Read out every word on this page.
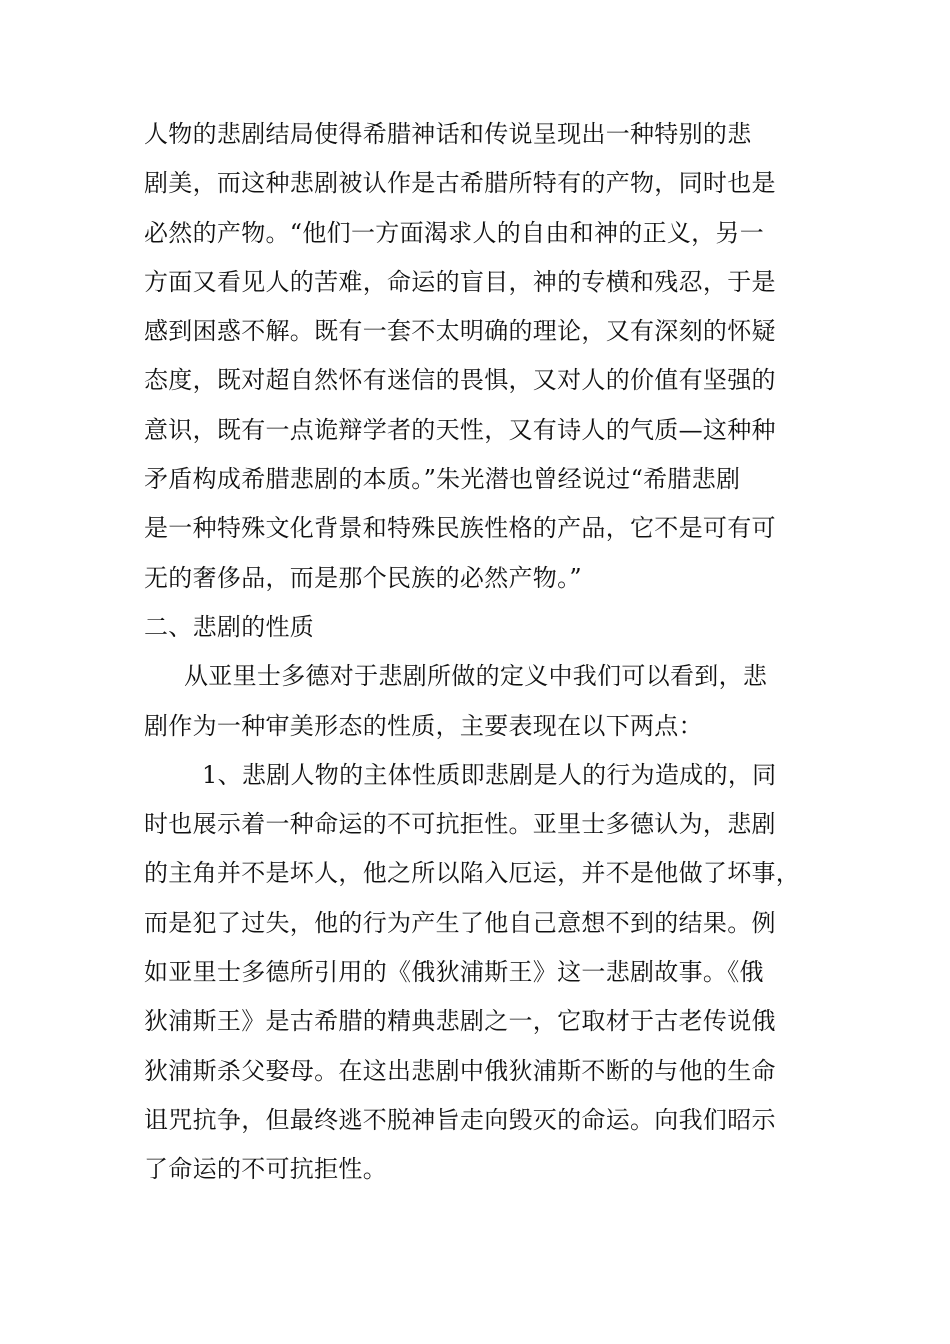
人物的悲剧结局使得希腊神话和传说呈现出一种特别的悲
剧美，而这种悲剧被认作是古希腊所特有的产物，同时也是
必然的产物。“他们一方面渴求人的自由和神的正义，另一
方面又看见人的苦难，命运的盲目，神的专横和残忍，于是
感到困惑不解。既有一套不太明确的理论，又有深刻的怀疑
态度，既对超自然怀有迷信的畏惧，又对人的价值有坚强的
意识，既有一点诡辩学者的天性，又有诗人的气质—这种种
矛盾构成希腊悲剧的本质。”朱光潜也曾经说过“希腊悲剧
是一种特殊文化背景和特殊民族性格的产品，它不是可有可
无的奢侈品，而是那个民族的必然产物。”
二、悲剧的性质
从亚里士多德对于悲剧所做的定义中我们可以看到，悲
剧作为一种审美形态的性质，主要表现在以下两点：
1、悲剧人物的主体性质即悲剧是人的行为造成的，同
时也展示着一种命运的不可抗拒性。亚里士多德认为，悲剧
的主角并不是坏人，他之所以陷入厄运，并不是他做了坏事，
而是犯了过失，他的行为产生了他自己意想不到的结果。例
如亚里士多德所引用的《俄狄浦斯王》这一悲剧故事。《俄
狄浦斯王》是古希腊的精典悲剧之一，它取材于古老传说俄
狄浦斯杀父娶母。在这出悲剧中俄狄浦斯不断的与他的生命
诅咒抗争，但最终逃不脱神旨走向毁灭的命运。向我们昭示
了命运的不可抗拒性。
